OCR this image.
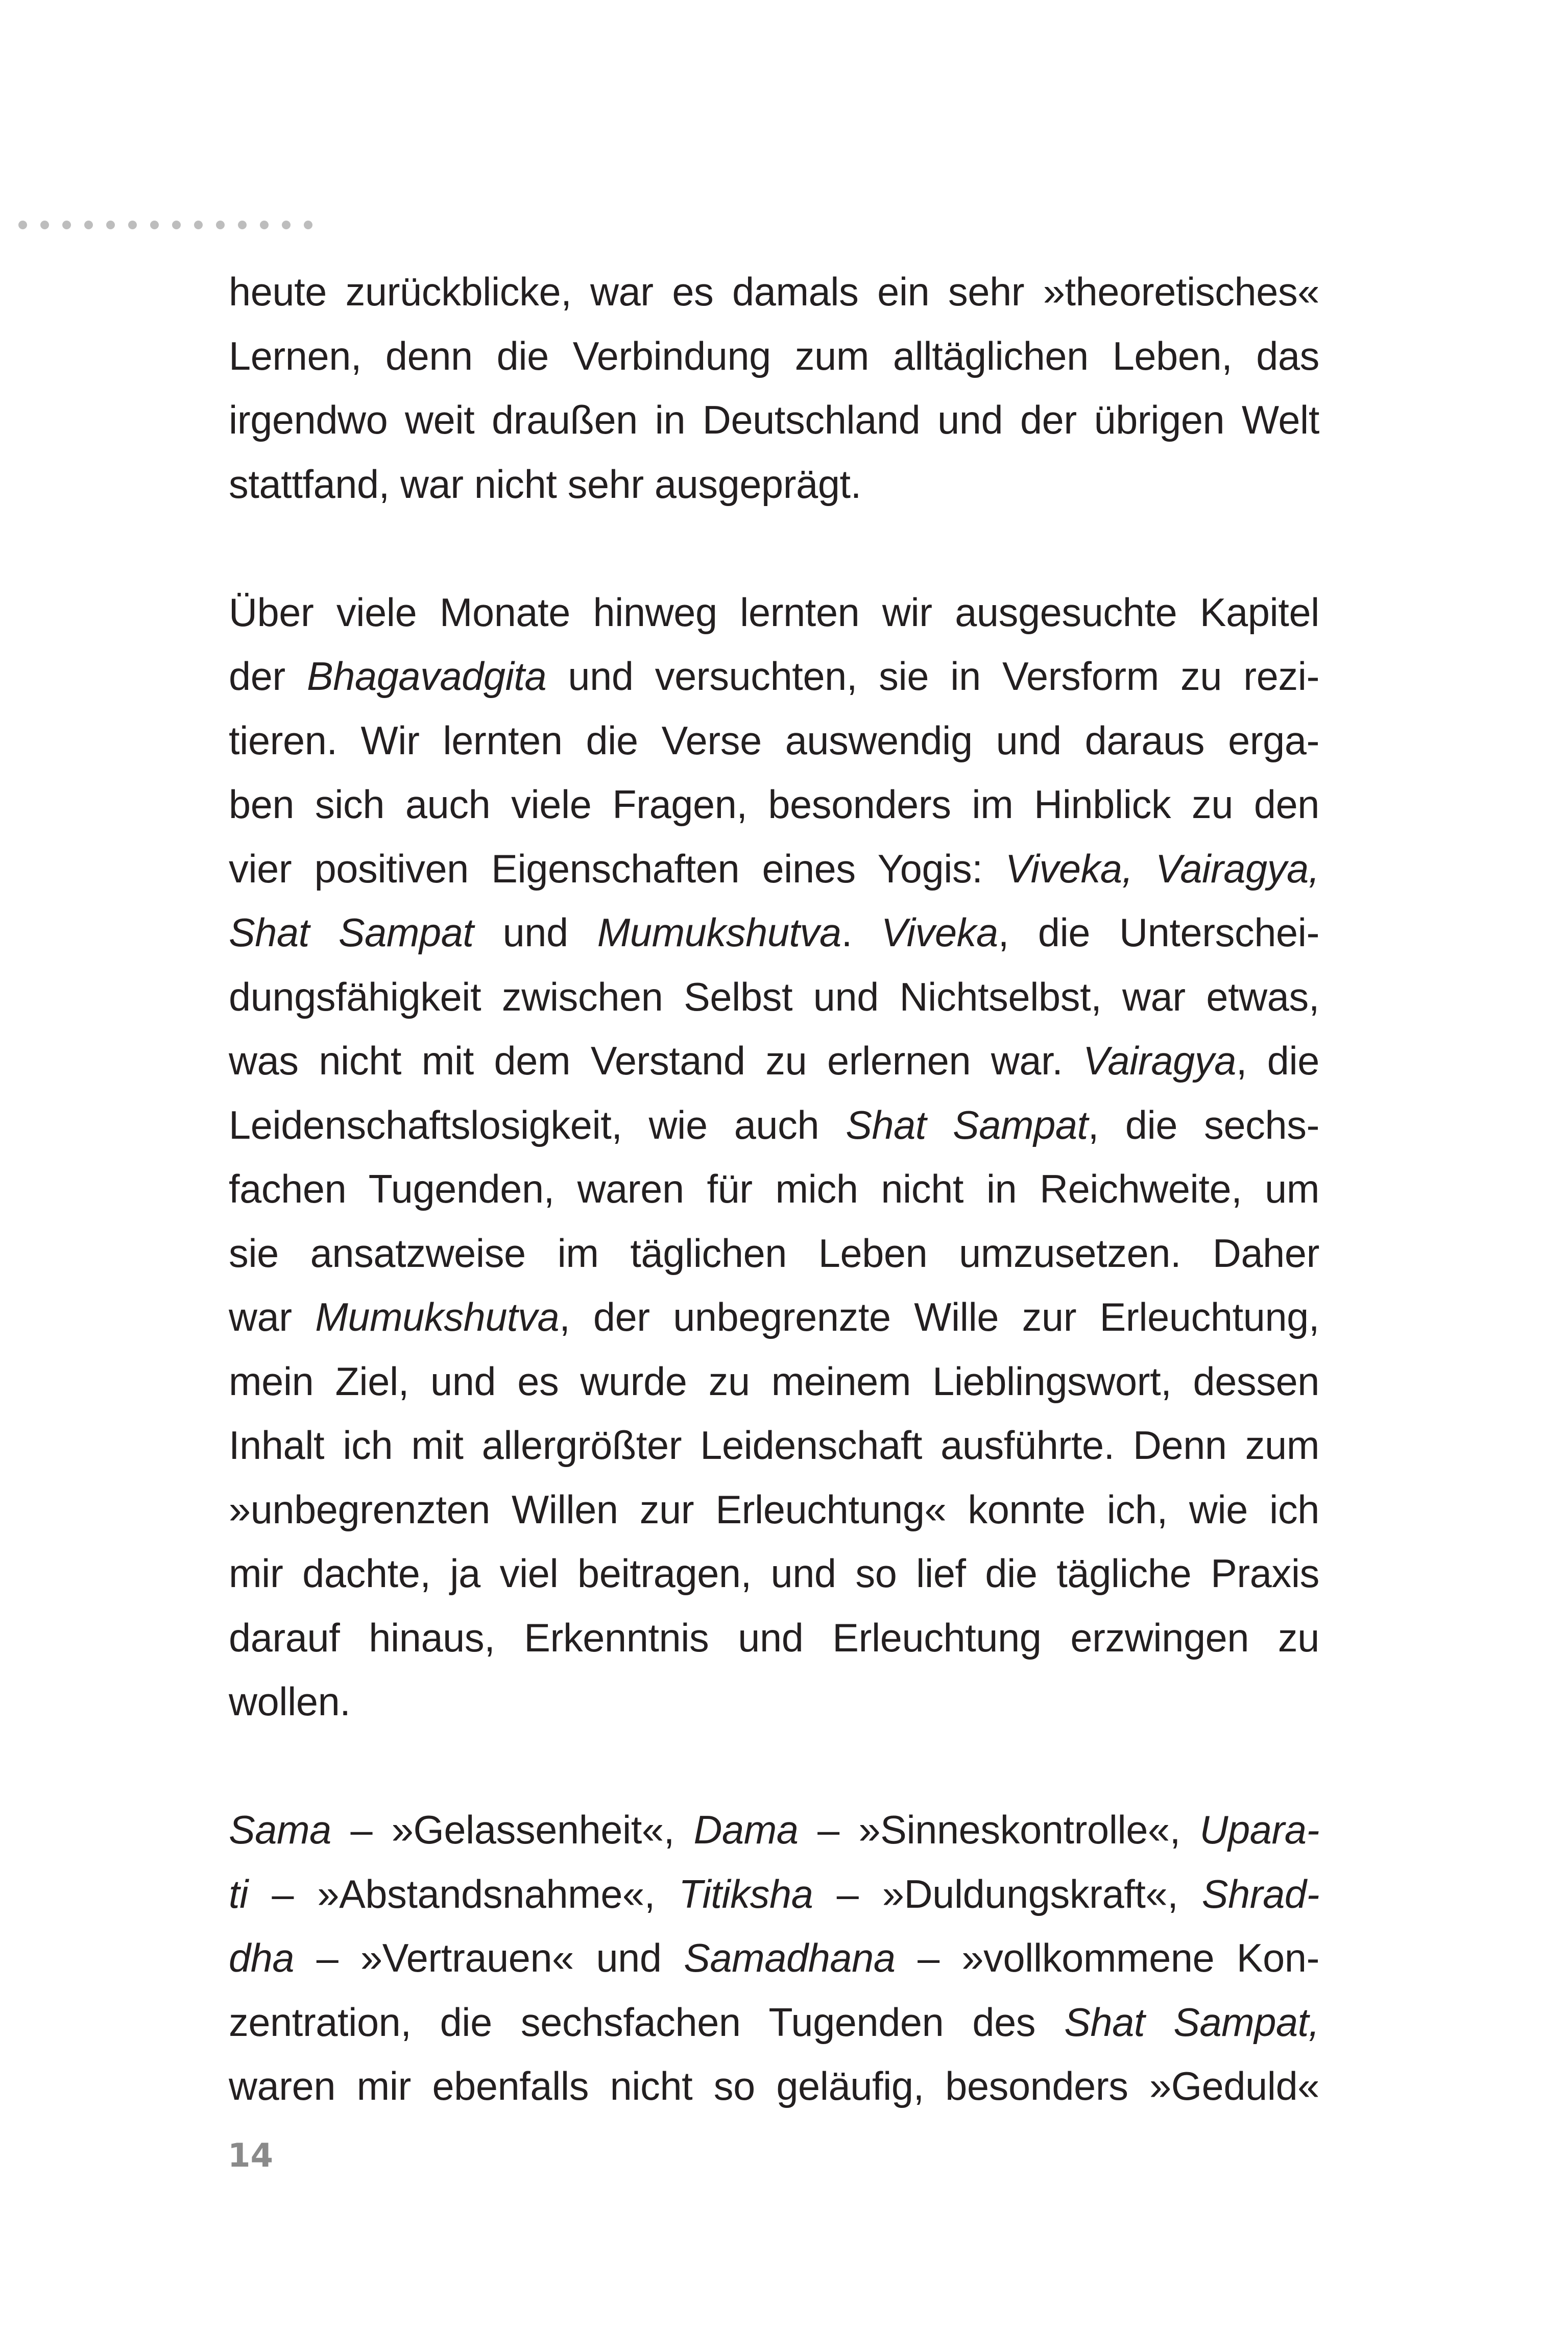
heute zurückblicke, war es damals ein sehr »theoretisches«
Lernen, denn die Verbindung zum alltäglichen Leben, das
irgendwo weit draußen in Deutschland und der übrigen Welt
stattfand, war nicht sehr ausgeprägt.
Über viele Monate hinweg lernten wir ausgesuchte Kapitel
der Bhagavadgita und versuchten, sie in Versform zu rezi-
tieren. Wir lernten die Verse auswendig und daraus erga-
ben sich auch viele Fragen, besonders im Hinblick zu den
vier positiven Eigenschaften eines Yogis: Viveka, Vairagya,
Shat Sampat und Mumukshutva. Viveka, die Unterschei-
dungsfähigkeit zwischen Selbst und Nichtselbst, war etwas,
was nicht mit dem Verstand zu erlernen war. Vairagya, die
Leidenschaftslosigkeit, wie auch Shat Sampat, die sechs-
fachen Tugenden, waren für mich nicht in Reichweite, um
sie ansatzweise im täglichen Leben umzusetzen. Daher
war Mumukshutva, der unbegrenzte Wille zur Erleuchtung,
mein Ziel, und es wurde zu meinem Lieblingswort, dessen
Inhalt ich mit allergrößter Leidenschaft ausführte. Denn zum
»unbegrenzten Willen zur Erleuchtung« konnte ich, wie ich
mir dachte, ja viel beitragen, und so lief die tägliche Praxis
darauf hinaus, Erkenntnis und Erleuchtung erzwingen zu
wollen.
Sama – »Gelassenheit«, Dama – »Sinneskontrolle«, Upara-
ti – »Abstandsnahme«, Titiksha – »Duldungskraft«, Shrad-
dha – »Vertrauen« und Samadhana – »vollkommene Kon-
zentration, die sechsfachen Tugenden des Shat Sampat,
waren mir ebenfalls nicht so geläufig, besonders »Geduld«
14
